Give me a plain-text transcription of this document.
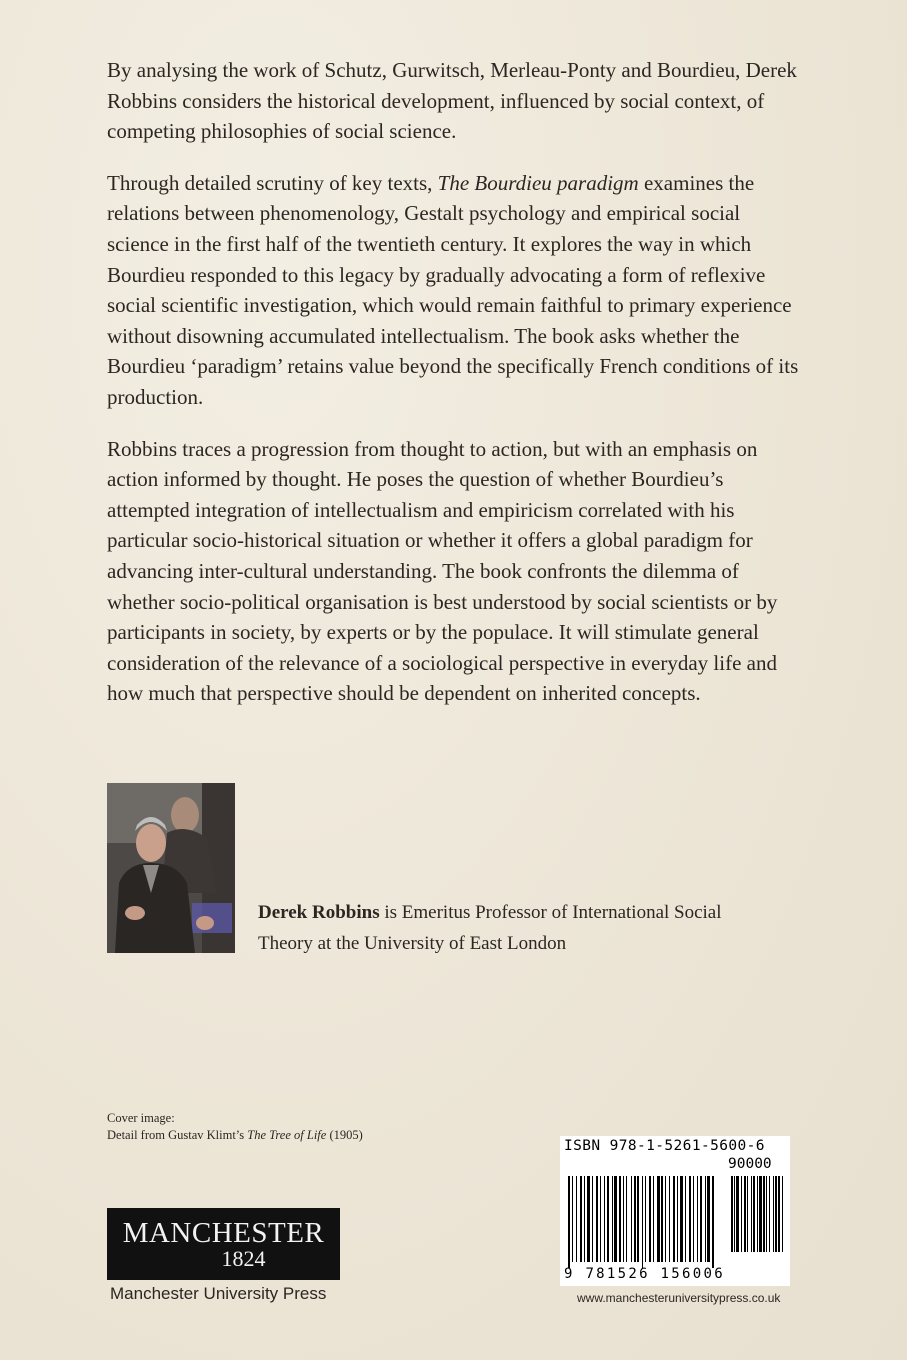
By analysing the work of Schutz, Gurwitsch, Merleau-Ponty and Bourdieu, Derek Robbins considers the historical development, influenced by social context, of competing philosophies of social science.

Through detailed scrutiny of key texts, The Bourdieu paradigm examines the relations between phenomenology, Gestalt psychology and empirical social science in the first half of the twentieth century. It explores the way in which Bourdieu responded to this legacy by gradually advocating a form of reflexive social scientific investigation, which would remain faithful to primary experience without disowning accumulated intellectualism. The book asks whether the Bourdieu ‘paradigm’ retains value beyond the specifically French conditions of its production.

Robbins traces a progression from thought to action, but with an emphasis on action informed by thought. He poses the question of whether Bourdieu’s attempted integration of intellectualism and empiricism correlated with his particular socio-historical situation or whether it offers a global paradigm for advancing inter-cultural understanding. The book confronts the dilemma of whether socio-political organisation is best understood by social scientists or by participants in society, by experts or by the populace. It will stimulate general consideration of the relevance of a sociological perspective in everyday life and how much that perspective should be dependent on inherited concepts.

Derek Robbins is Emeritus Professor of International Social Theory at the University of East London
Cover image:
Detail from Gustav Klimt’s The Tree of Life (1905)
MANCHESTER
1824
Manchester University Press
ISBN 978-1-5261-5600-6
90000
9 781526 156006
www.manchesteruniversitypress.co.uk
